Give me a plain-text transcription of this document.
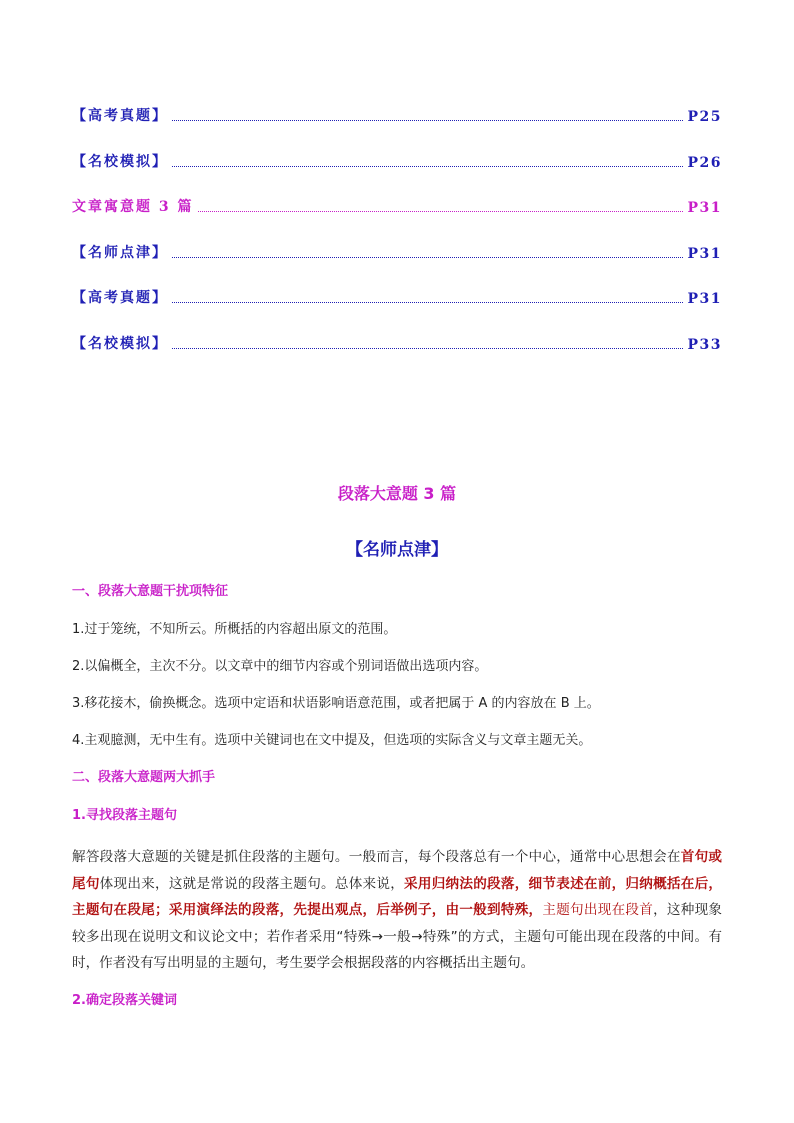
【高考真题】	P25
【名校模拟】	P26
文章寓意题 3 篇	P31
【名师点津】	P31
【高考真题】	P31
【名校模拟】	P33
段落大意题 3 篇
【名师点津】
一、段落大意题干扰项特征
1.过于笼统，不知所云。所概括的内容超出原文的范围。
2.以偏概全，主次不分。以文章中的细节内容或个别词语做出选项内容。
3.移花接木，偷换概念。选项中定语和状语影响语意范围，或者把属于 A 的内容放在 B 上。
4.主观臆测，无中生有。选项中关键词也在文中提及，但选项的实际含义与文章主题无关。
二、段落大意题两大抓手
1.寻找段落主题句

解答段落大意题的关键是抓住段落的主题句。一般而言，每个段落总有一个中心，通常中心思想会在首句或尾句体现出来，这就是常说的段落主题句。总体来说，采用归纳法的段落，细节表述在前，归纳概括在后，主题句在段尾；采用演绎法的段落，先提出观点，后举例子，由一般到特殊，主题句出现在段首，这种现象较多出现在说明文和议论文中；若作者采用“特殊→一般→特殊”的方式，主题句可能出现在段落的中间。有时，作者没有写出明显的主题句，考生要学会根据段落的内容概括出主题句。

2.确定段落关键词
